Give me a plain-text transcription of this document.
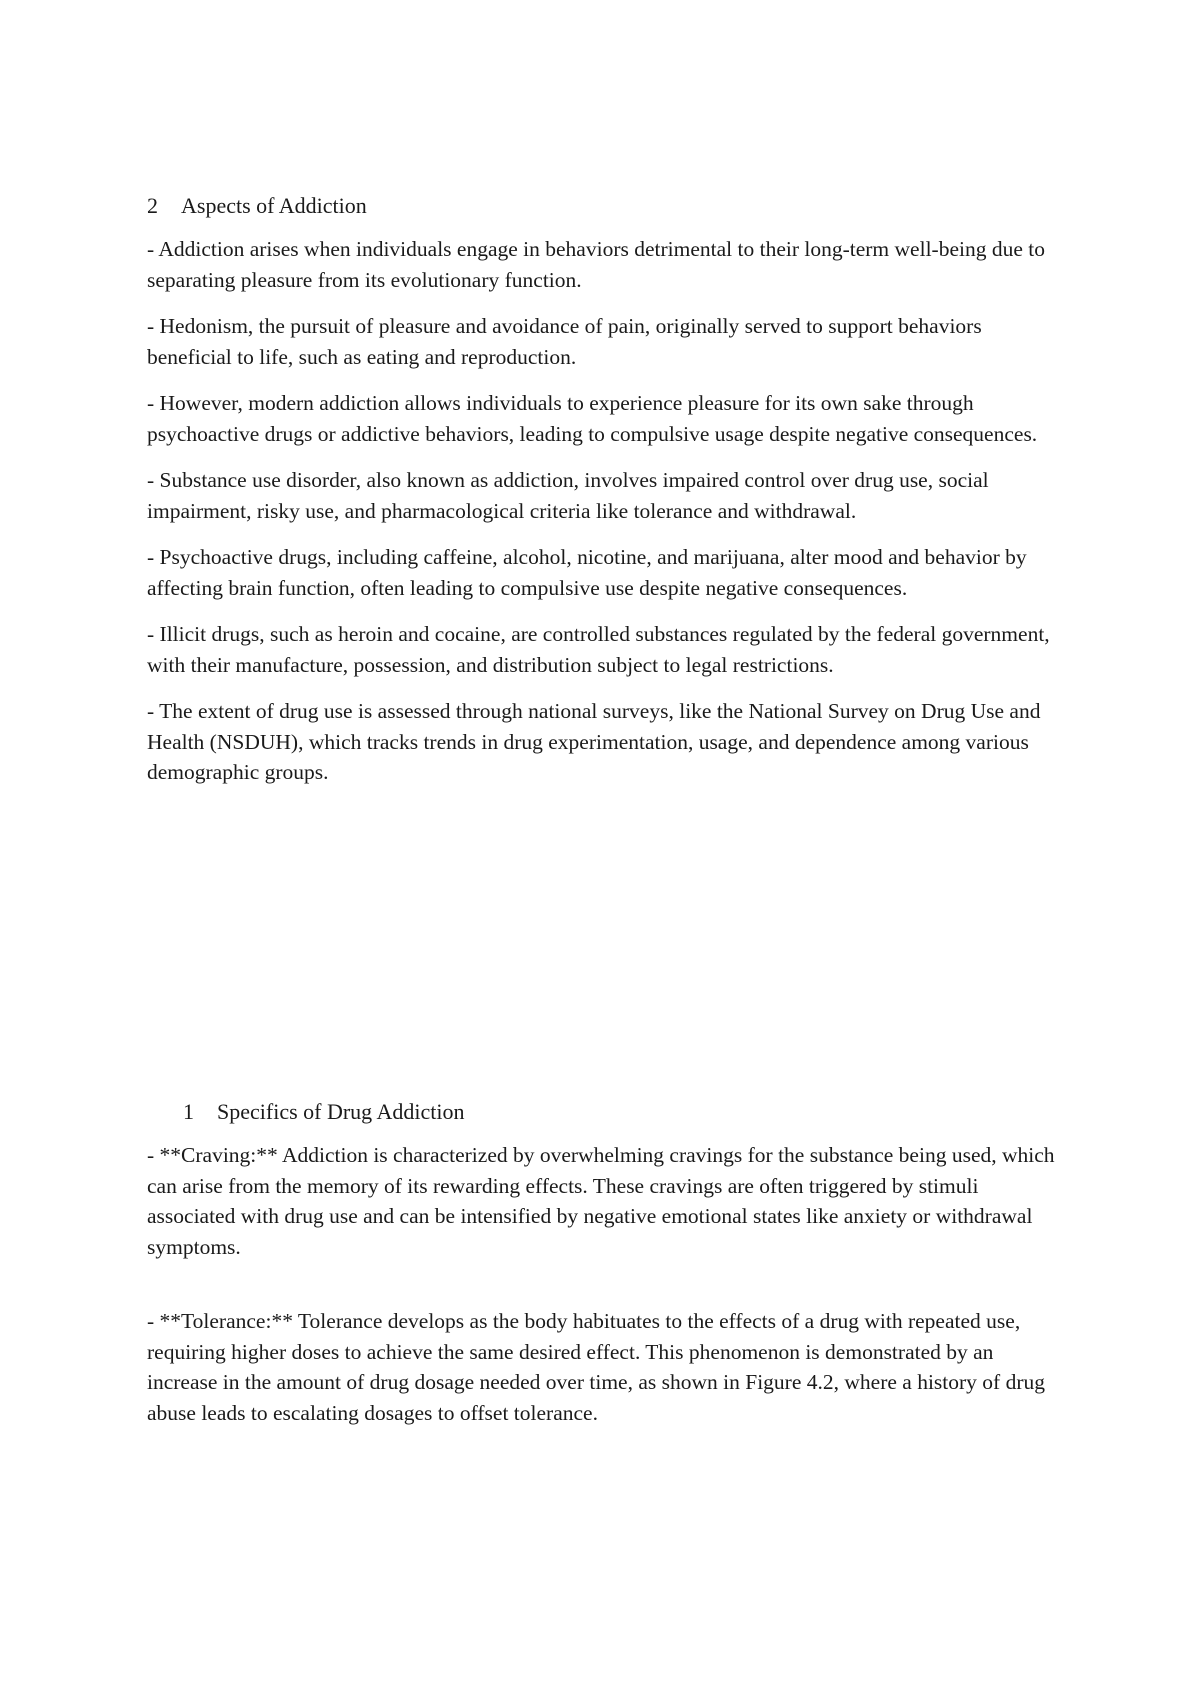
2 Aspects of Addiction

- Addiction arises when individuals engage in behaviors detrimental to their long-term well-being due to separating pleasure from its evolutionary function.

- Hedonism, the pursuit of pleasure and avoidance of pain, originally served to support behaviors beneficial to life, such as eating and reproduction.

- However, modern addiction allows individuals to experience pleasure for its own sake through psychoactive drugs or addictive behaviors, leading to compulsive usage despite negative consequences.

- Substance use disorder, also known as addiction, involves impaired control over drug use, social impairment, risky use, and pharmacological criteria like tolerance and withdrawal.

- Psychoactive drugs, including caffeine, alcohol, nicotine, and marijuana, alter mood and behavior by affecting brain function, often leading to compulsive use despite negative consequences.

- Illicit drugs, such as heroin and cocaine, are controlled substances regulated by the federal government, with their manufacture, possession, and distribution subject to legal restrictions.

- The extent of drug use is assessed through national surveys, like the National Survey on Drug Use and Health (NSDUH), which tracks trends in drug experimentation, usage, and dependence among various demographic groups.

1 Specifics of Drug Addiction

- **Craving:** Addiction is characterized by overwhelming cravings for the substance being used, which can arise from the memory of its rewarding effects. These cravings are often triggered by stimuli associated with drug use and can be intensified by negative emotional states like anxiety or withdrawal symptoms.

- **Tolerance:** Tolerance develops as the body habituates to the effects of a drug with repeated use, requiring higher doses to achieve the same desired effect. This phenomenon is demonstrated by an increase in the amount of drug dosage needed over time, as shown in Figure 4.2, where a history of drug abuse leads to escalating dosages to offset tolerance.
